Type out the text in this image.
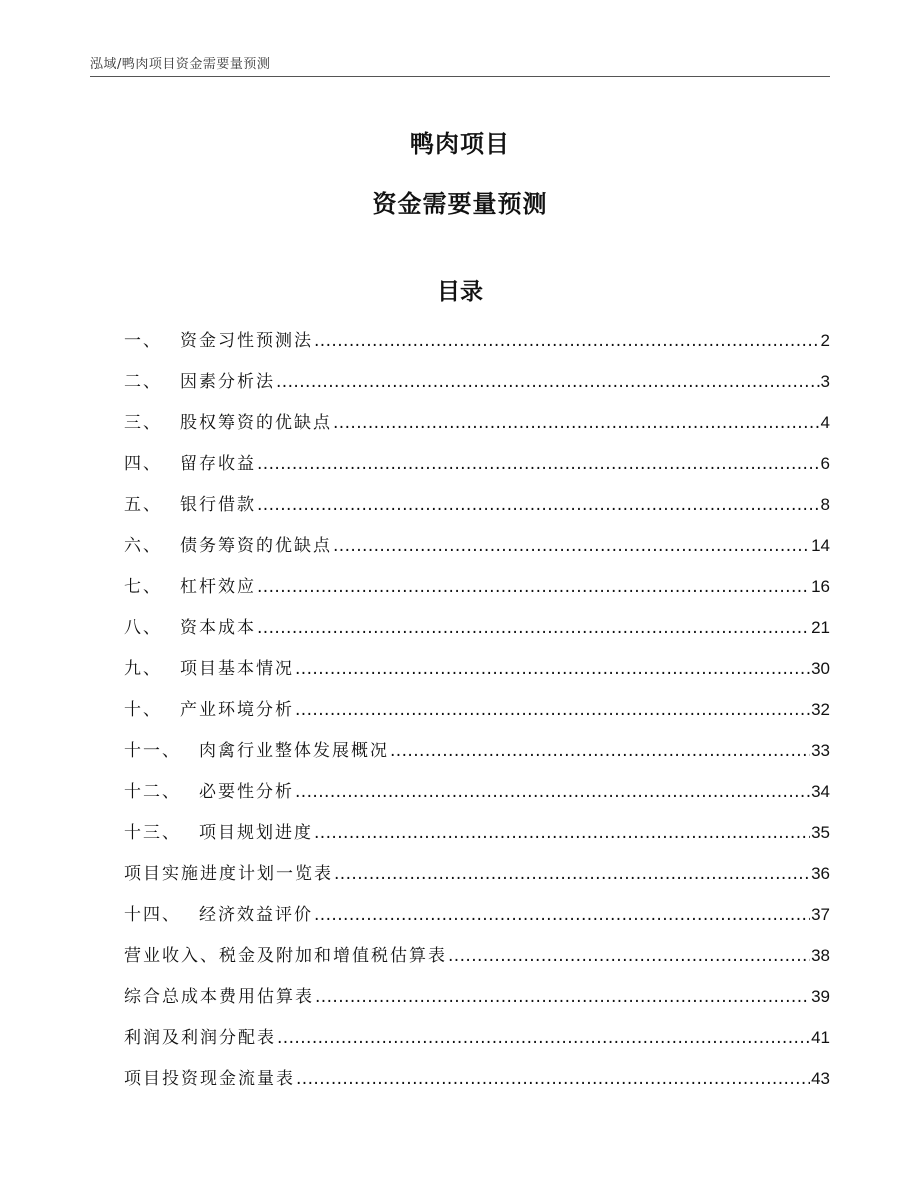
泓域/鸭肉项目资金需要量预测
鸭肉项目
资金需要量预测
目录
一、	资金习性预测法 .....	2
二、	因素分析法 .....	3
三、	股权筹资的优缺点 .....	4
四、	留存收益 .....	6
五、	银行借款 .....	8
六、	债务筹资的优缺点 .....	14
七、	杠杆效应 .....	16
八、	资本成本 .....	21
九、	项目基本情况 .....	30
十、	产业环境分析 .....	32
十一、	肉禽行业整体发展概况 .....	33
十二、	必要性分析 .....	34
十三、	项目规划进度 .....	35
项目实施进度计划一览表 .....	36
十四、	经济效益评价 .....	37
营业收入、税金及附加和增值税估算表 .....	38
综合总成本费用估算表 .....	39
利润及利润分配表 .....	41
项目投资现金流量表 .....	43
